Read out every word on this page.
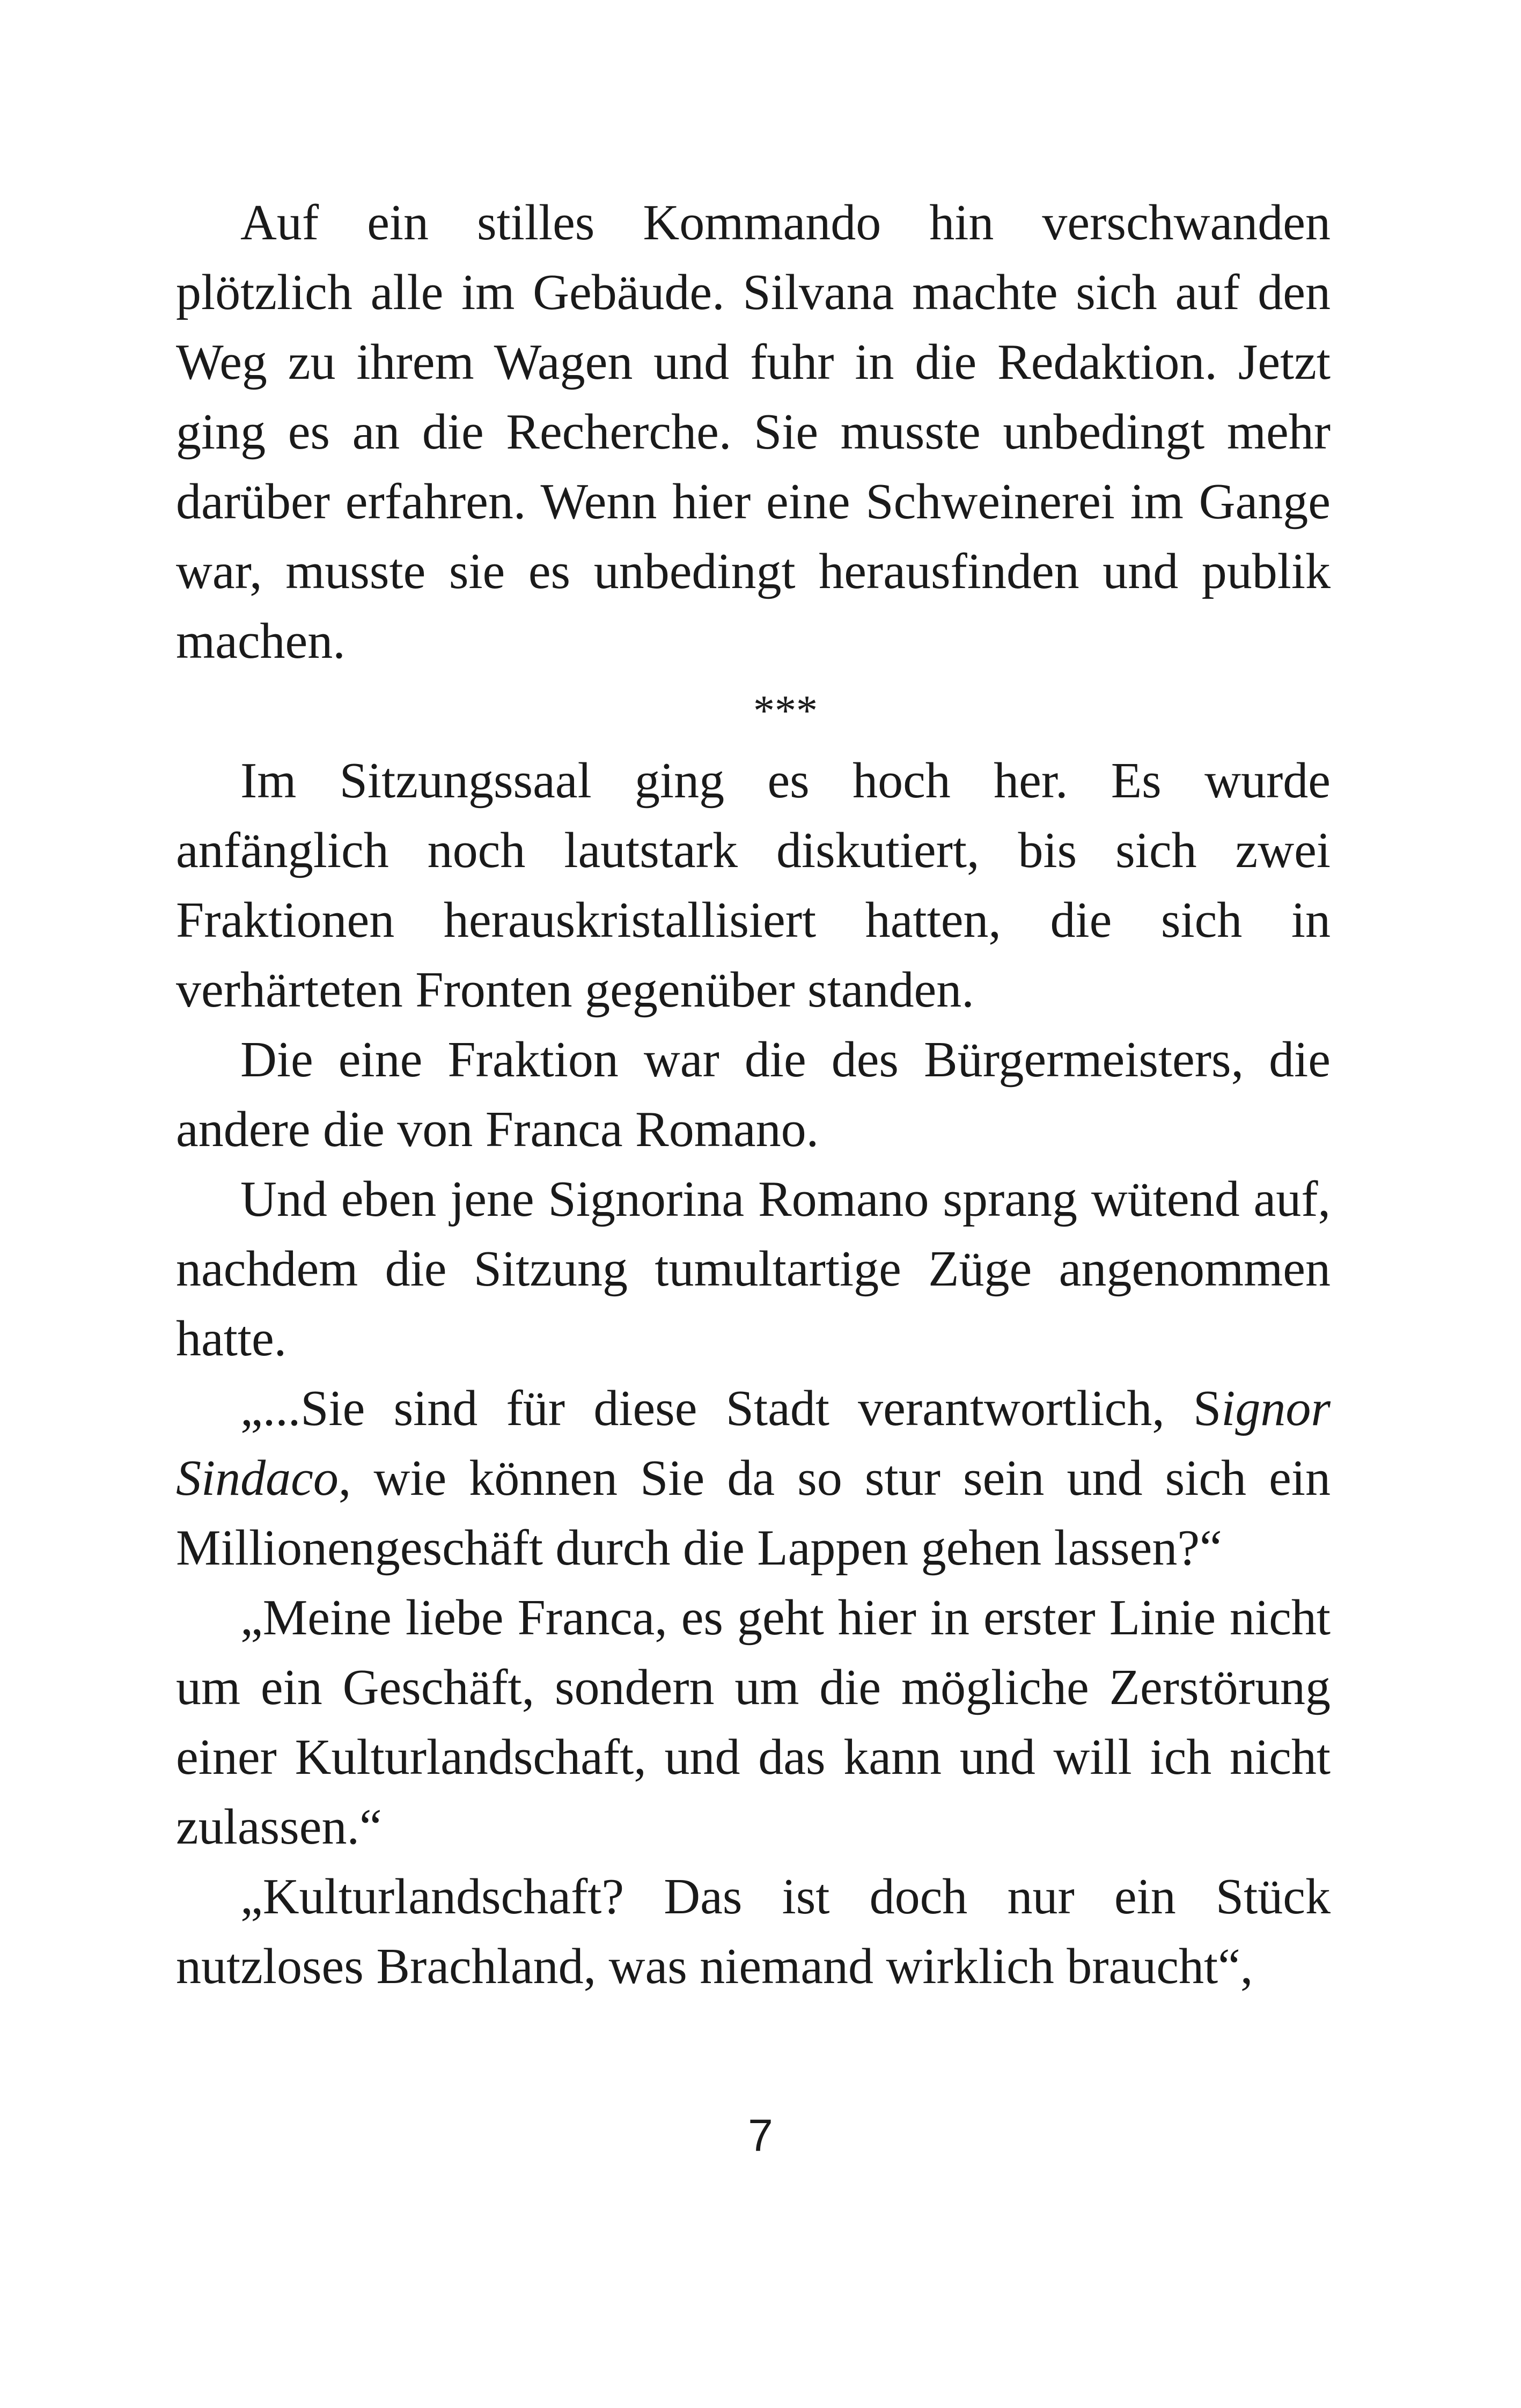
Auf ein stilles Kommando hin verschwanden plötzlich alle im Gebäude. Silvana machte sich auf den Weg zu ihrem Wagen und fuhr in die Redaktion. Jetzt ging es an die Recherche. Sie musste unbedingt mehr darüber erfahren. Wenn hier eine Schweinerei im Gange war, musste sie es unbedingt herausfinden und publik machen.

***

Im Sitzungssaal ging es hoch her. Es wurde anfänglich noch lautstark diskutiert, bis sich zwei Fraktionen herauskristallisiert hatten, die sich in verhärteten Fronten gegenüber standen.

Die eine Fraktion war die des Bürgermeisters, die andere die von Franca Romano.

Und eben jene Signorina Romano sprang wütend auf, nachdem die Sitzung tumultartige Züge angenommen hatte.

„...Sie sind für diese Stadt verantwortlich, Signor Sindaco, wie können Sie da so stur sein und sich ein Millionengeschäft durch die Lappen gehen lassen?“

„Meine liebe Franca, es geht hier in erster Linie nicht um ein Geschäft, sondern um die mögliche Zerstörung einer Kulturlandschaft, und das kann und will ich nicht zulassen.“

„Kulturlandschaft? Das ist doch nur ein Stück nutzloses Brachland, was niemand wirklich braucht“,

7
